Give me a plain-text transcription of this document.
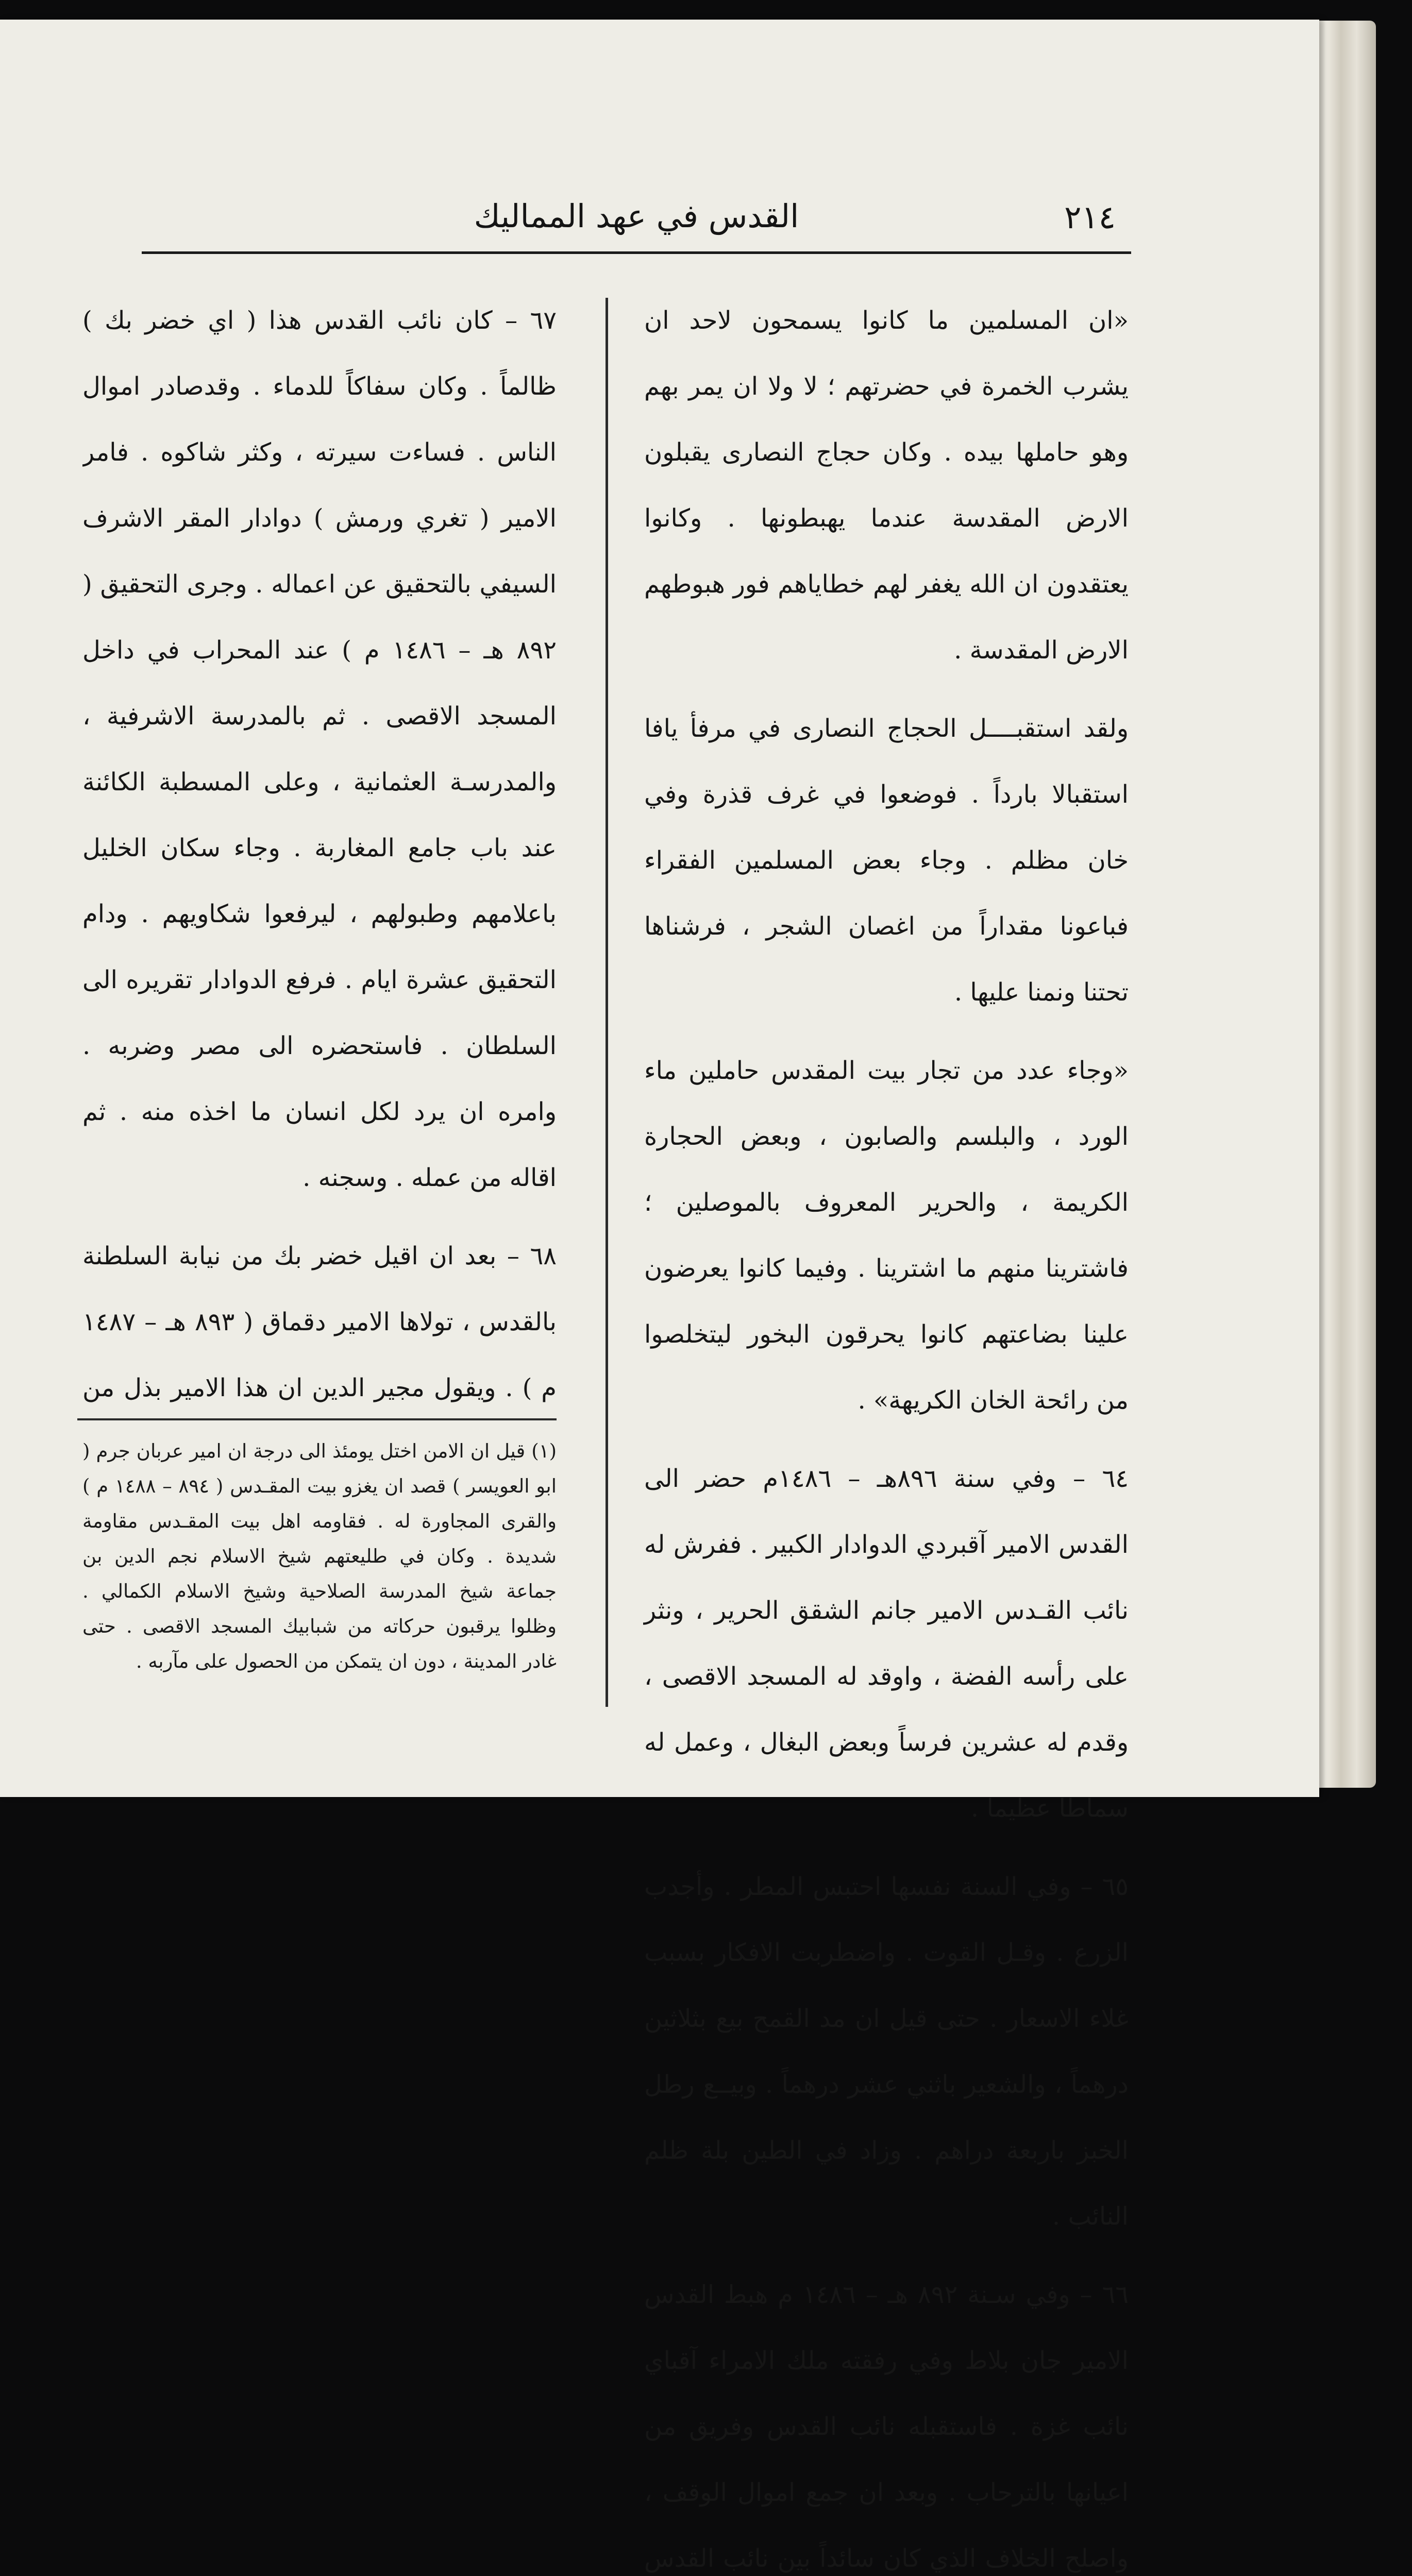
القدس في عهد المماليك	٢١٤

«ان المسلمين ما كانوا يسمحون لاحد ان يشرب الخمرة في حضرتهم ؛ لا ولا ان يمر بهم وهو حاملها بيده . وكان حجاج النصارى يقبلون الارض المقدسة عندما يهبطونها . وكانوا يعتقدون ان الله يغفر لهم خطاياهم فور هبوطهم الارض المقدسة .

ولقد استقبــــل الحجاج النصارى في مرفأ يافا استقبالا بارداً . فوضعوا في غرف قذرة وفي خان مظلم . وجاء بعض المسلمين الفقراء فباعونا مقداراً من اغصان الشجر ، فرشناها تحتنا ونمنا عليها .

«وجاء عدد من تجار بيت المقدس حاملين ماء الورد ، والبلسم والصابون ، وبعض الحجارة الكريمة ، والحرير المعروف بالموصلين ؛ فاشترينا منهم ما اشترينا . وفيما كانوا يعرضون علينا بضاعتهم كانوا يحرقون البخور ليتخلصوا من رائحة الخان الكريهة» .

٦٤ – وفي سنة ٨٩٦هـ – ١٤٨٦م حضر الى القدس الامير آقبردي الدوادار الكبير . ففرش له نائب القـدس الامير جانم الشقق الحرير ، ونثر على رأسه الفضة ، واوقد له المسجد الاقصى ، وقدم له عشرين فرساً وبعض البغال ، وعمل له سماطا عظيما .

٦٥ – وفي السنة نفسها احتبس المطر . وأجدب الزرع . وقـل القوت . واضطربت الافكار بسبب غلاء الاسعار . حتى قيل ان مد القمح بيع بثلاثين درهماً ، والشعير باثني عشر درهماً . وبيــع رطل الخبز باربعة دراهم . وزاد في الطين بلة ظلم النائب .

٦٦ – وفي سـنة ٨٩٢ هـ – ١٤٨٦ م هبط القدس الامير جان بلاط وفي رفقته ملك الامراء آقباي نائب غزة . فاستقبله نائب القدس وفريق من اعيانها بالترحاب . وبعد ان جمع اموال الوقف ، واصلح الخلاف الذي كان سائداً بين نائب القدس

٦٧ – كان نائب القدس هذا ( اي خضر بك ) ظالماً . وكان سفاكاً للدماء . وقدصادر اموال الناس . فساءت سيرته ، وكثر شاكوه . فامر الامير ( تغري ورمش ) دوادار المقر الاشرف السيفي بالتحقيق عن اعماله . وجرى التحقيق ( ٨٩٢ هـ – ١٤٨٦ م ) عند المحراب في داخل المسجد الاقصى . ثم بالمدرسة الاشرفية ، والمدرسـة العثمانية ، وعلى المسطبة الكائنة عند باب جامع المغاربة . وجاء سكان الخليل باعلامهم وطبولهم ، ليرفعوا شكاويهم . ودام التحقيق عشرة ايام . فرفع الدوادار تقريره الى السلطان . فاستحضره الى مصر وضربه . وامره ان يرد لكل انسان ما اخذه منه . ثم اقاله من عمله . وسجنه .

٦٨ – بعد ان اقيل خضر بك من نيابة السلطنة بالقدس ، تولاها الامير دقماق ( ٨٩٣ هـ – ١٤٨٧ م ) . ويقول مجير الدين ان هذا الامير بذل من

(١) قيل ان الامن اختل يومئذ الى درجة ان امير عربان جرم ( ابو العويسر ) قصد ان يغزو بيت المقـدس ( ٨٩٤ – ١٤٨٨ م ) والقرى المجاورة له . فقاومه اهل بيت المقـدس مقاومة شديدة . وكان في طليعتهم شيخ الاسلام نجم الدين بن جماعة شيخ المدرسة الصلاحية وشيخ الاسلام الكمالي . وظلوا يرقبون حركاته من شبابيك المسجد الاقصى . حتى غادر المدينة ، دون ان يتمكن من الحصول على مآربه .
